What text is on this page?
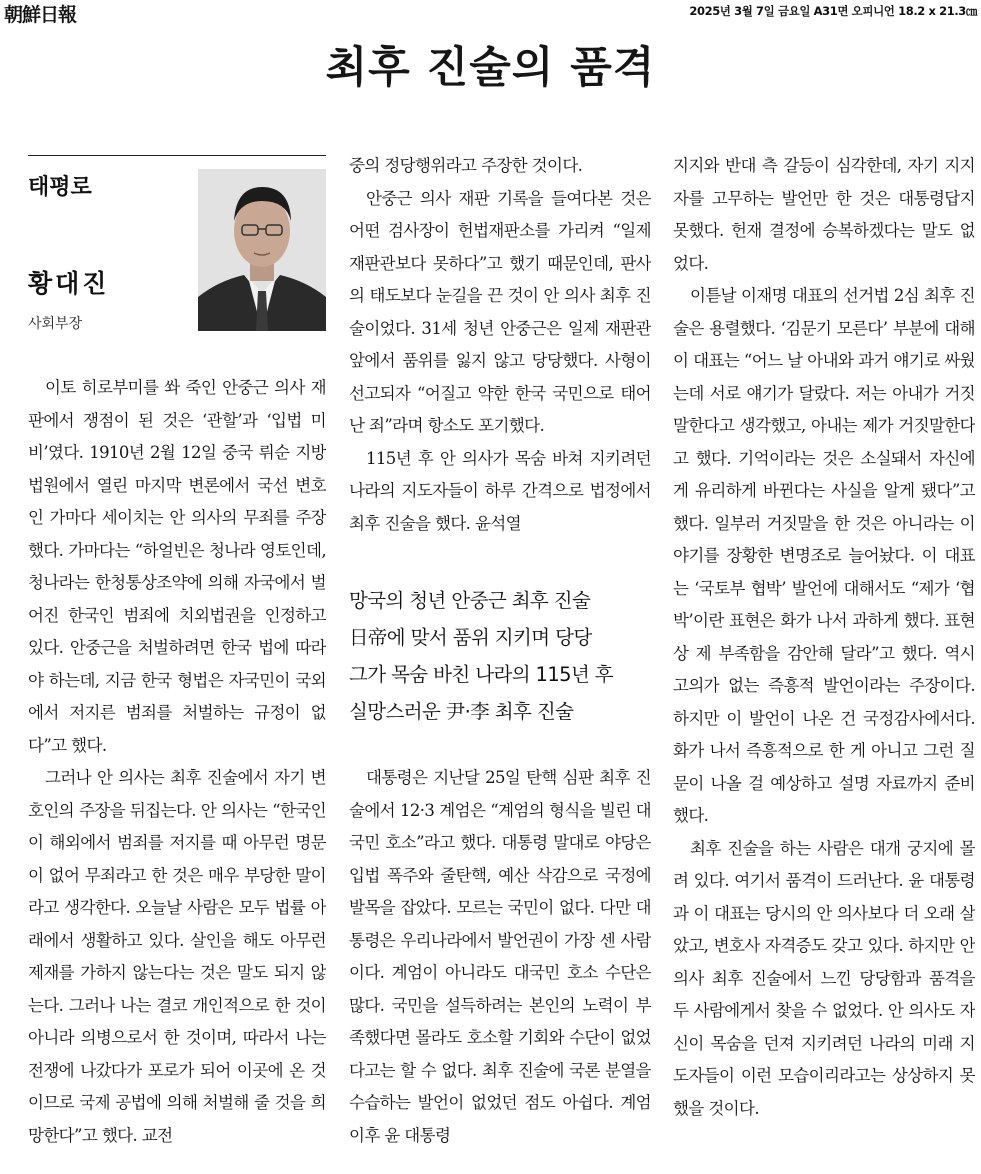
朝鮮日報	2025년 3월 7일 금요일 A31면 오피니언 18.2 x 21.3㎝
최후 진술의 품격
태평로
황대진
사회부장

이토 히로부미를 쏴 죽인 안중근 의사 재판에서 쟁점이 된 것은 ‘관할’과 ‘입법 미비’였다. 1910년 2월 12일 중국 뤼순 지방법원에서 열린 마지막 변론에서 국선 변호인 가마다 세이치는 안 의사의 무죄를 주장했다. 가마다는 “하얼빈은 청나라 영토인데, 청나라는 한청통상조약에 의해 자국에서 벌어진 한국인 범죄에 치외법권을 인정하고 있다. 안중근을 처벌하려면 한국 법에 따라야 하는데, 지금 한국 형법은 자국민이 국외에서 저지른 범죄를 처벌하는 규정이 없다”고 했다.

그러나 안 의사는 최후 진술에서 자기 변호인의 주장을 뒤집는다. 안 의사는 “한국인이 해외에서 범죄를 저지를 때 아무런 명문이 없어 무죄라고 한 것은 매우 부당한 말이라고 생각한다. 오늘날 사람은 모두 법률 아래에서 생활하고 있다. 살인을 해도 아무런 제재를 가하지 않는다는 것은 말도 되지 않는다. 그러나 나는 결코 개인적으로 한 것이 아니라 의병으로서 한 것이며, 따라서 나는 전쟁에 나갔다가 포로가 되어 이곳에 온 것이므로 국제 공법에 의해 처벌해 줄 것을 희망한다”고 했다. 교전

중의 정당행위라고 주장한 것이다.

안중근 의사 재판 기록을 들여다본 것은 어떤 검사장이 헌법재판소를 가리켜 “일제 재판관보다 못하다”고 했기 때문인데, 판사의 태도보다 눈길을 끈 것이 안 의사 최후 진술이었다. 31세 청년 안중근은 일제 재판관 앞에서 품위를 잃지 않고 당당했다. 사형이 선고되자 “어질고 약한 한국 국민으로 태어난 죄”라며 항소도 포기했다.

115년 후 안 의사가 목숨 바쳐 지키려던 나라의 지도자들이 하루 간격으로 법정에서 최후 진술을 했다. 윤석열

망국의 청년 안중근 최후 진술
日帝에 맞서 품위 지키며 당당
그가 목숨 바친 나라의 115년 후
실망스러운 尹·李 최후 진술

대통령은 지난달 25일 탄핵 심판 최후 진술에서 12·3 계엄은 “계엄의 형식을 빌린 대국민 호소”라고 했다. 대통령 말대로 야당은 입법 폭주와 줄탄핵, 예산 삭감으로 국정에 발목을 잡았다. 모르는 국민이 없다. 다만 대통령은 우리나라에서 발언권이 가장 센 사람이다. 계엄이 아니라도 대국민 호소 수단은 많다. 국민을 설득하려는 본인의 노력이 부족했다면 몰라도 호소할 기회와 수단이 없었다고는 할 수 없다. 최후 진술에 국론 분열을 수습하는 발언이 없었던 점도 아쉽다. 계엄 이후 윤 대통령

지지와 반대 측 갈등이 심각한데, 자기 지지자를 고무하는 발언만 한 것은 대통령답지 못했다. 헌재 결정에 승복하겠다는 말도 없었다.

이튿날 이재명 대표의 선거법 2심 최후 진술은 용렬했다. ‘김문기 모른다’ 부분에 대해 이 대표는 “어느 날 아내와 과거 얘기로 싸웠는데 서로 얘기가 달랐다. 저는 아내가 거짓말한다고 생각했고, 아내는 제가 거짓말한다고 했다. 기억이라는 것은 소실돼서 자신에게 유리하게 바뀐다는 사실을 알게 됐다”고 했다. 일부러 거짓말을 한 것은 아니라는 이야기를 장황한 변명조로 늘어놨다. 이 대표는 ‘국토부 협박’ 발언에 대해서도 “제가 ‘협박’이란 표현은 화가 나서 과하게 했다. 표현상 제 부족함을 감안해 달라”고 했다. 역시 고의가 없는 즉흥적 발언이라는 주장이다. 하지만 이 발언이 나온 건 국정감사에서다. 화가 나서 즉흥적으로 한 게 아니고 그런 질문이 나올 걸 예상하고 설명 자료까지 준비했다.

최후 진술을 하는 사람은 대개 궁지에 몰려 있다. 여기서 품격이 드러난다. 윤 대통령과 이 대표는 당시의 안 의사보다 더 오래 살았고, 변호사 자격증도 갖고 있다. 하지만 안 의사 최후 진술에서 느낀 당당함과 품격을 두 사람에게서 찾을 수 없었다. 안 의사도 자신이 목숨을 던져 지키려던 나라의 미래 지도자들이 이런 모습이리라고는 상상하지 못했을 것이다.
